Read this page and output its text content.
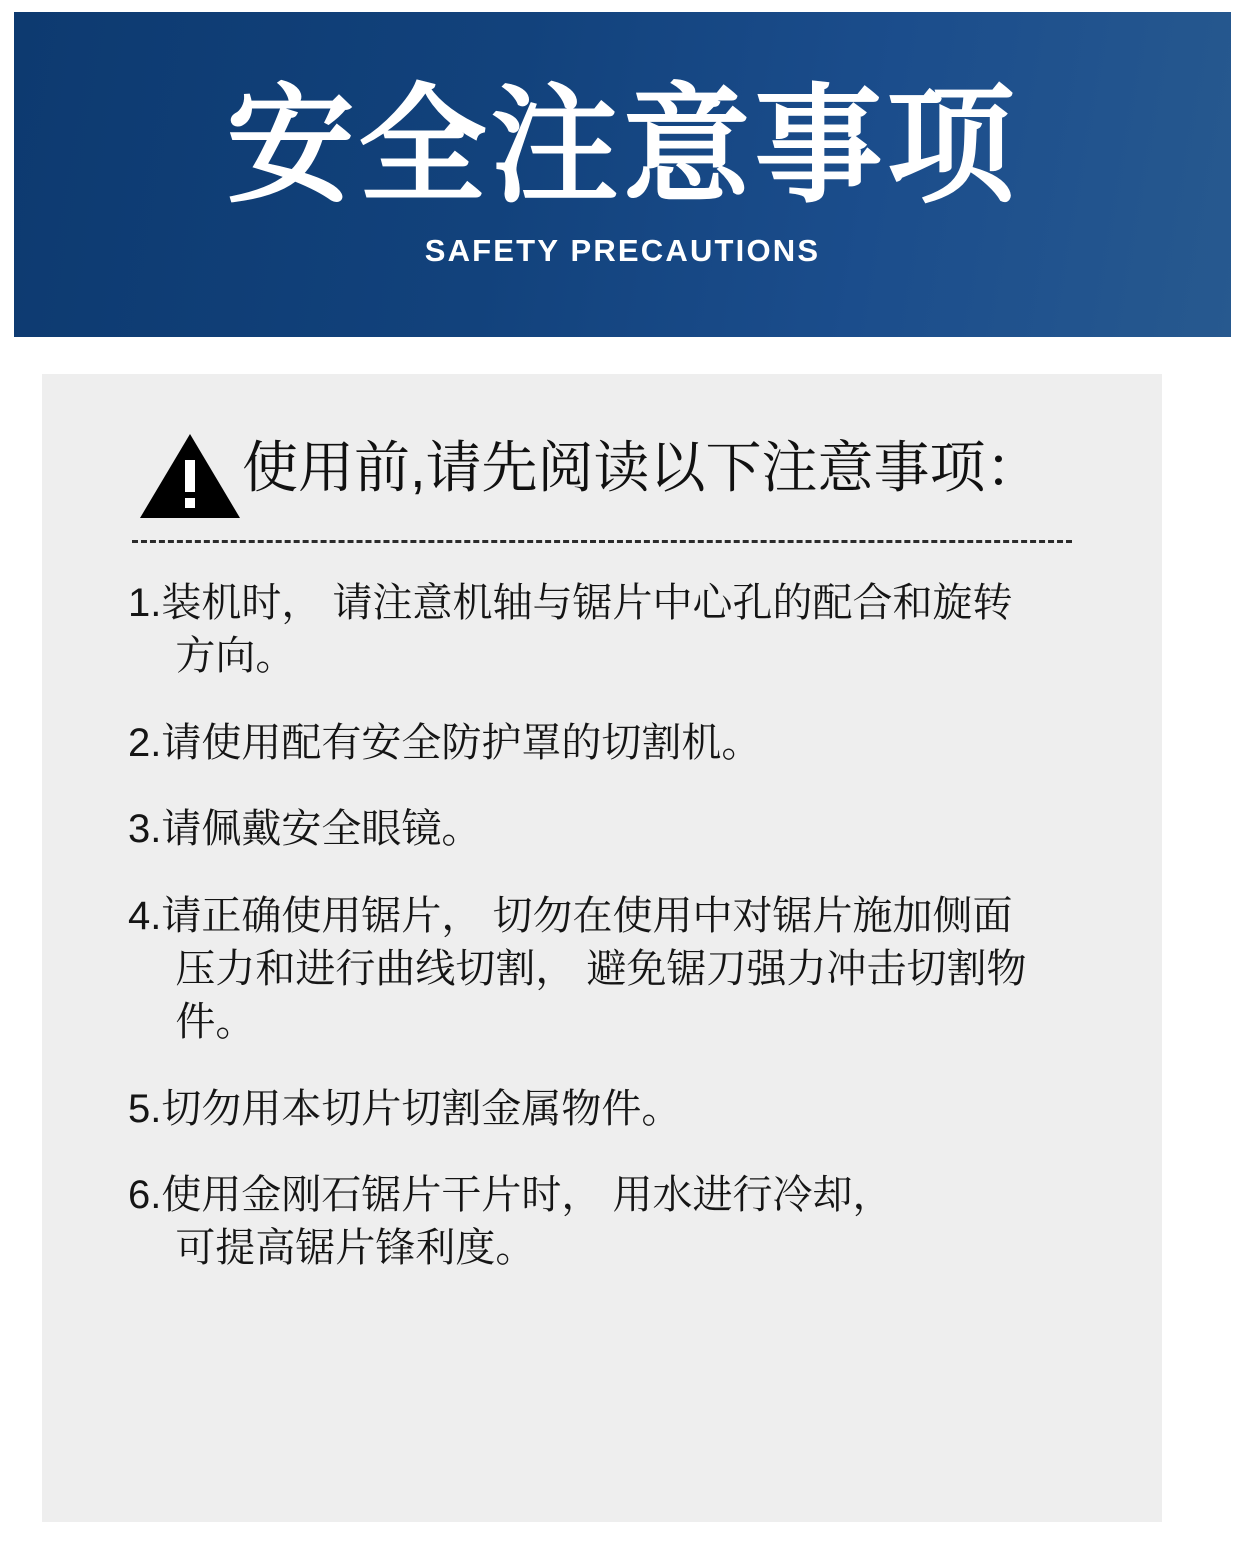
安全注意事项
SAFETY PRECAUTIONS
使用前,请先阅读以下注意事项：
1. 装机时， 请注意机轴与锯片中心孔的配合和旋转
方向。
2. 请使用配有安全防护罩的切割机。
3. 请佩戴安全眼镜。
4. 请正确使用锯片， 切勿在使用中对锯片施加侧面
压力和进行曲线切割， 避免锯刀强力冲击切割物件。
5. 切勿用本切片切割金属物件。
6. 使用金刚石锯片干片时， 用水进行冷却，
可提高锯片锋利度。
